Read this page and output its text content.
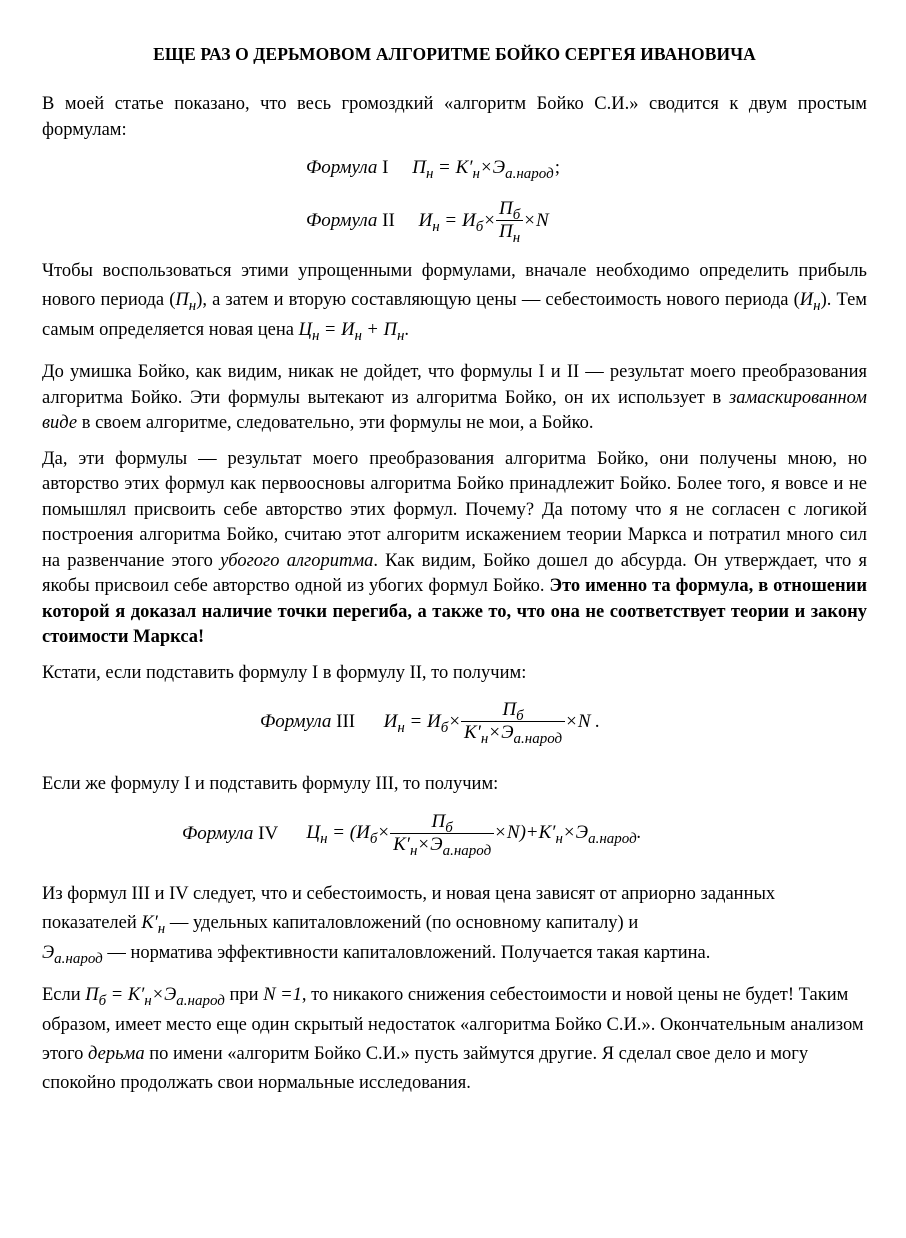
ЕЩЕ РАЗ О ДЕРЬМОВОМ АЛГОРИТМЕ БОЙКО СЕРГЕЯ ИВАНОВИЧА

В моей статье показано, что весь громоздкий «алгоритм Бойко С.И.» сводится к двум простым формулам:

Формула I $П_н = K'_н\times Э_{а.народ}$;
Формула II $И_н = И_б\times \frac{П_б}{П_н} \times N$

Чтобы воспользоваться этими упрощенными формулами, вначале необходимо определить прибыль нового периода $(П_н)$, а затем и вторую составляющую цены — себестоимость нового периода $(И_н)$. Тем самым определяется новая цена $Ц_н = И_н + П_н$.

До умишка Бойко, как видим, никак не дойдет, что формулы I и II — результат моего преобразования алгоритма Бойко. Эти формулы вытекают из алгоритма Бойко, он их использует в замаскированном виде в своем алгоритме, следовательно, эти формулы не мои, а Бойко.

Да, эти формулы — результат моего преобразования алгоритма Бойко, они получены мною, но авторство этих формул как первоосновы алгоритма Бойко принадлежит Бойко. Более того, я вовсе и не помышлял присвоить себе авторство этих формул. Почему? Да потому что я не согласен с логикой построения алгоритма Бойко, считаю этот алгоритм искажением теории Маркса и потратил много сил на развенчание этого убогого алгоритма. Как видим, Бойко дошел до абсурда. Он утверждает, что я якобы присвоил себе авторство одной из убогих формул Бойко. Это именно та формула, в отношении которой я доказал наличие точки перегиба, а также то, что она не соответствует теории и закону стоимости Маркса!

Кстати, если подставить формулу I в формулу II, то получим:

Формула III $И_н = И_б\times \frac{П_б}{K'_н\times Э_{а.народ}} \times N$ .

Если же формулу I и подставить формулу III, то получим:

Формула IV $Ц_н = (И_б\times \frac{П_б}{K'_н\times Э_{а.народ}} \times N)+K'_н\times Э_{а.народ}$.

Из формул III и IV следует, что и себестоимость, и новая цена зависят от априорно заданных показателей $K'_н$ — удельных капиталовложений (по основному капиталу) и
$Э_{а.народ}$ — норматива эффективности капиталовложений. Получается такая картина.

Если $П_б = K'_н\times Э_{а.народ}$ при N =1, то никакого снижения себестоимости и новой цены не будет! Таким образом, имеет место еще один скрытый недостаток «алгоритма Бойко С.И.». Окончательным анализом этого дерьма по имени «алгоритм Бойко С.И.» пусть займутся другие. Я сделал свое дело и могу спокойно продолжать свои нормальные исследования.
